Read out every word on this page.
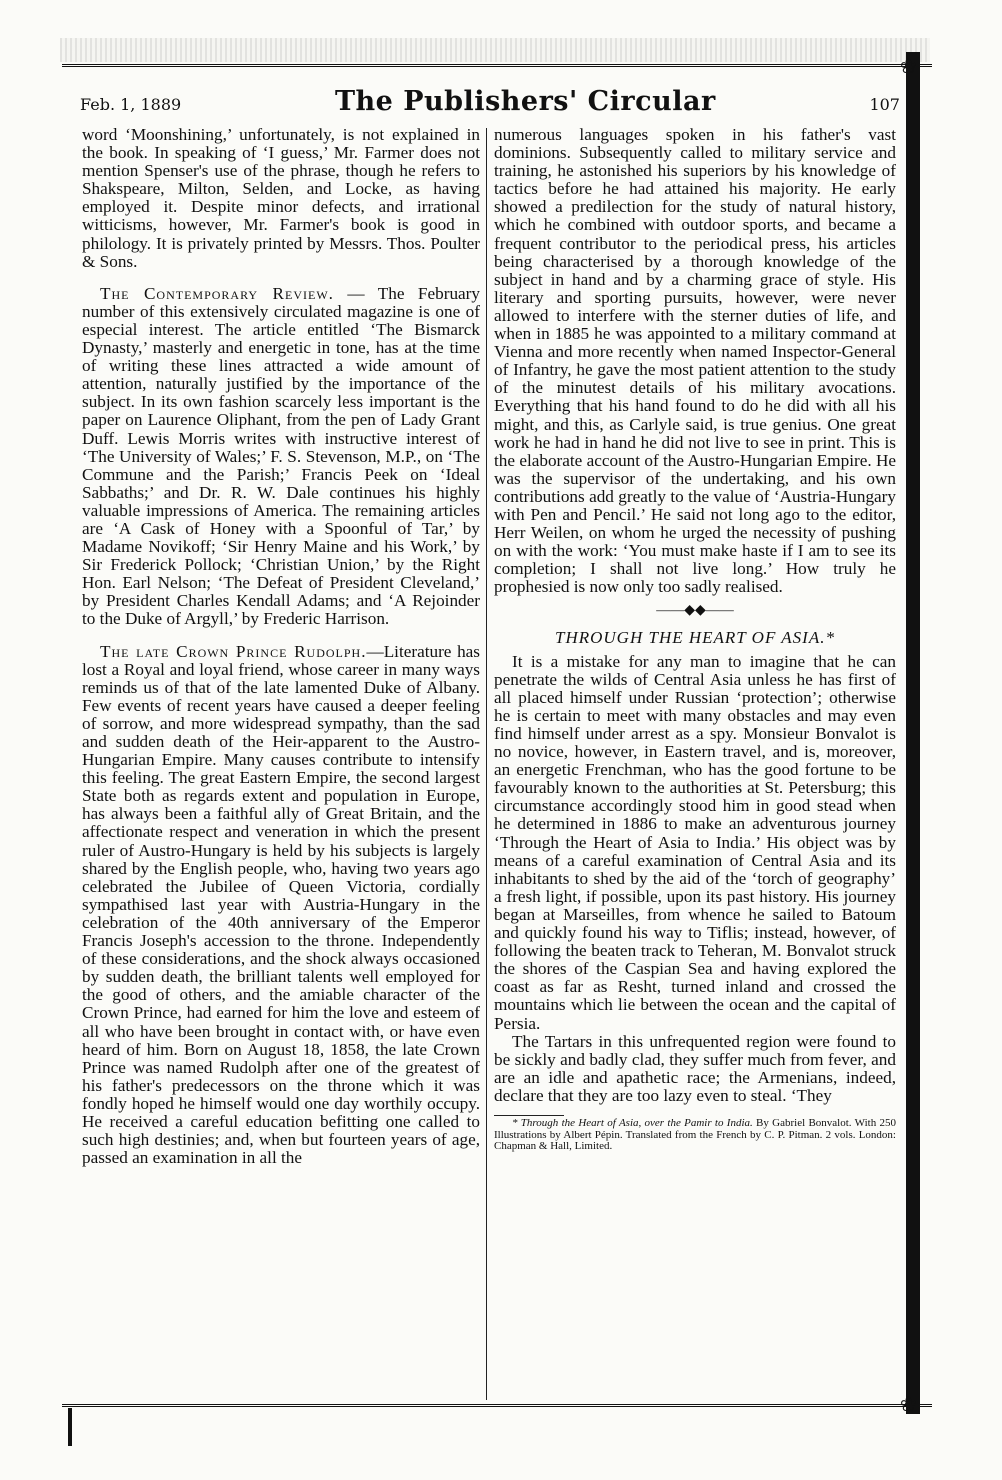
❀
❀
Feb. 1, 1889	The Publishers' Circular	107

word ‘Moonshining,’ unfortunately, is not explained in the book. In speaking of ‘I guess,’ Mr. Farmer does not mention Spenser's use of the phrase, though he refers to Shakspeare, Milton, Selden, and Locke, as having employed it. Despite minor defects, and irrational witticisms, however, Mr. Farmer's book is good in philology. It is privately printed by Messrs. Thos. Poulter & Sons.

The Contemporary Review. — The February number of this extensively circulated magazine is one of especial interest. The article entitled ‘The Bismarck Dynasty,’ masterly and energetic in tone, has at the time of writing these lines attracted a wide amount of attention, naturally justified by the importance of the subject. In its own fashion scarcely less important is the paper on Laurence Oliphant, from the pen of Lady Grant Duff. Lewis Morris writes with instructive interest of ‘The University of Wales;’ F. S. Stevenson, M.P., on ‘The Commune and the Parish;’ Francis Peek on ‘Ideal Sabbaths;’ and Dr. R. W. Dale continues his highly valuable impressions of America. The remaining articles are ‘A Cask of Honey with a Spoonful of Tar,’ by Madame Novikoff; ‘Sir Henry Maine and his Work,’ by Sir Frederick Pollock; ‘Christian Union,’ by the Right Hon. Earl Nelson; ‘The Defeat of President Cleveland,’ by President Charles Kendall Adams; and ‘A Rejoinder to the Duke of Argyll,’ by Frederic Harrison.

The late Crown Prince Rudolph.—Literature has lost a Royal and loyal friend, whose career in many ways reminds us of that of the late lamented Duke of Albany. Few events of recent years have caused a deeper feeling of sorrow, and more widespread sympathy, than the sad and sudden death of the Heir-apparent to the Austro-Hungarian Empire. Many causes contribute to intensify this feeling. The great Eastern Empire, the second largest State both as regards extent and population in Europe, has always been a faithful ally of Great Britain, and the affectionate respect and veneration in which the present ruler of Austro-Hungary is held by his subjects is largely shared by the English people, who, having two years ago celebrated the Jubilee of Queen Victoria, cordially sympathised last year with Austria-Hungary in the celebration of the 40th anniversary of the Emperor Francis Joseph's accession to the throne. Independently of these considerations, and the shock always occasioned by sudden death, the brilliant talents well employed for the good of others, and the amiable character of the Crown Prince, had earned for him the love and esteem of all who have been brought in contact with, or have even heard of him. Born on August 18, 1858, the late Crown Prince was named Rudolph after one of the greatest of his father's predecessors on the throne which it was fondly hoped he himself would one day worthily occupy. He received a careful education befitting one called to such high destinies; and, when but fourteen years of age, passed an examination in all the

numerous languages spoken in his father's vast dominions. Subsequently called to military service and training, he astonished his superiors by his knowledge of tactics before he had attained his majority. He early showed a predilection for the study of natural history, which he combined with outdoor sports, and became a frequent contributor to the periodical press, his articles being characterised by a thorough knowledge of the subject in hand and by a charming grace of style. His literary and sporting pursuits, however, were never allowed to interfere with the sterner duties of life, and when in 1885 he was appointed to a military command at Vienna and more recently when named Inspector-General of Infantry, he gave the most patient attention to the study of the minutest details of his military avocations. Everything that his hand found to do he did with all his might, and this, as Carlyle said, is true genius. One great work he had in hand he did not live to see in print. This is the elaborate account of the Austro-Hungarian Empire. He was the supervisor of the undertaking, and his own contributions add greatly to the value of ‘Austria-Hungary with Pen and Pencil.’ He said not long ago to the editor, Herr Weilen, on whom he urged the necessity of pushing on with the work: ‘You must make haste if I am to see its completion; I shall not live long.’ How truly he prophesied is now only too sadly realised.

——◆◆——
THROUGH THE HEART OF ASIA.*

It is a mistake for any man to imagine that he can penetrate the wilds of Central Asia unless he has first of all placed himself under Russian ‘protection’; otherwise he is certain to meet with many obstacles and may even find himself under arrest as a spy. Monsieur Bonvalot is no novice, however, in Eastern travel, and is, moreover, an energetic Frenchman, who has the good fortune to be favourably known to the authorities at St. Petersburg; this circumstance accordingly stood him in good stead when he determined in 1886 to make an adventurous journey ‘Through the Heart of Asia to India.’ His object was by means of a careful examination of Central Asia and its inhabitants to shed by the aid of the ‘torch of geography’ a fresh light, if possible, upon its past history. His journey began at Marseilles, from whence he sailed to Batoum and quickly found his way to Tiflis; instead, however, of following the beaten track to Teheran, M. Bonvalot struck the shores of the Caspian Sea and having explored the coast as far as Resht, turned inland and crossed the mountains which lie between the ocean and the capital of Persia.

The Tartars in this unfrequented region were found to be sickly and badly clad, they suffer much from fever, and are an idle and apathetic race; the Armenians, indeed, declare that they are too lazy even to steal. ‘They

* Through the Heart of Asia, over the Pamir to India. By Gabriel Bonvalot. With 250 Illustrations by Albert Pépin. Translated from the French by C. P. Pitman. 2 vols. London: Chapman & Hall, Limited.
